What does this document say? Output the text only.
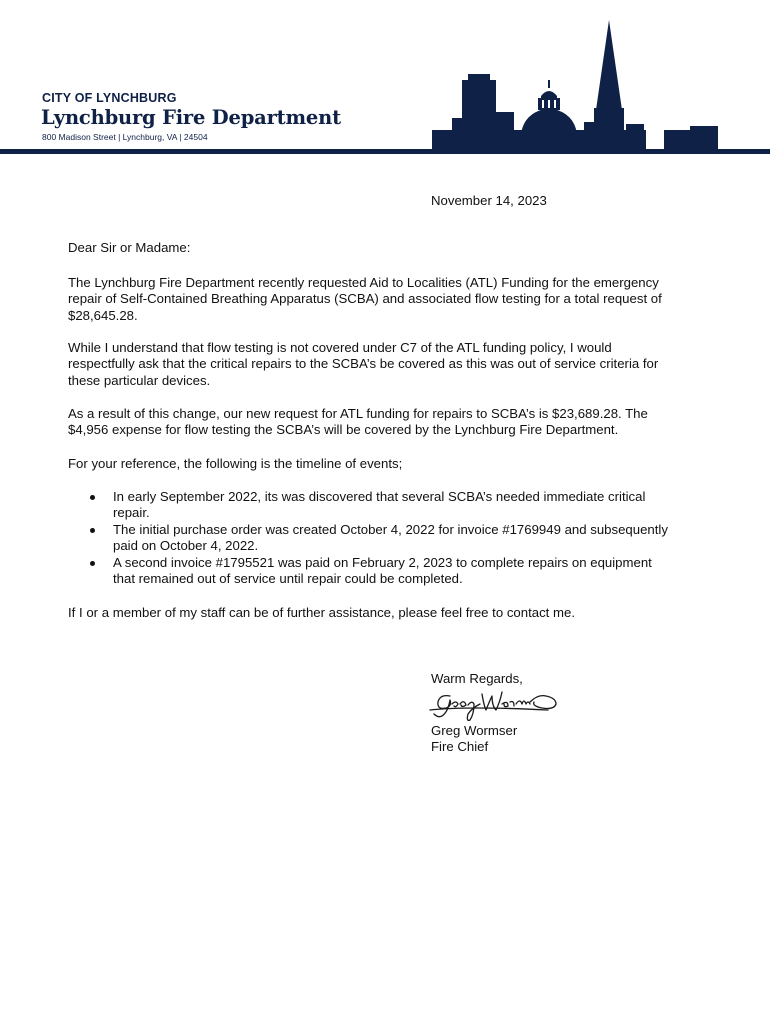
CITY OF LYNCHBURG
Lynchburg Fire Department
800 Madison Street | Lynchburg, VA | 24504
November 14, 2023
Dear Sir or Madame:
The Lynchburg Fire Department recently requested Aid to Localities (ATL) Funding for the emergency
repair of Self-Contained Breathing Apparatus (SCBA) and associated flow testing for a total request of
$28,645.28.
While I understand that flow testing is not covered under C7 of the ATL funding policy, I would
respectfully ask that the critical repairs to the SCBA’s be covered as this was out of service criteria for
these particular devices.
As a result of this change, our new request for ATL funding for repairs to SCBA’s is $23,689.28. The
$4,956 expense for flow testing the SCBA’s will be covered by the Lynchburg Fire Department.
For your reference, the following is the timeline of events;
In early September 2022, its was discovered that several SCBA’s needed immediate critical
repair.
The initial purchase order was created October 4, 2022 for invoice #1769949 and subsequently
paid on October 4, 2022.
A second invoice #1795521 was paid on February 2, 2023 to complete repairs on equipment
that remained out of service until repair could be completed.
If I or a member of my staff can be of further assistance, please feel free to contact me.
Warm Regards,
Greg Wormser
Fire Chief
